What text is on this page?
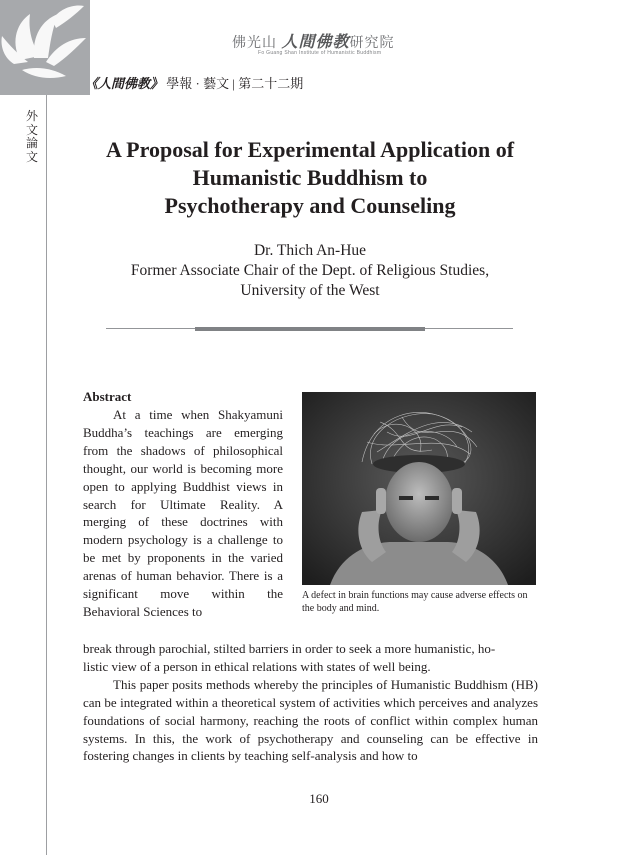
外
文
論
文
佛光山 人間佛教研究院
Fo Guang Shan Institute of Humanistic Buddhism
《人間佛教》 學報 · 藝文 | 第二十二期
A Proposal for Experimental Application of
Humanistic Buddhism to
Psychotherapy and Counseling
Dr. Thich An-Hue
Former Associate Chair of the Dept. of Religious Studies,
University of the West
Abstract

At a time when Shakyamuni Buddha’s teachings are emerging from the shadows of philosophical thought, our world is becoming more open to applying Buddhist views in search for Ultimate Reality. A merging of these doctrines with modern psychology is a challenge to be met by proponents in the varied arenas of human behavior. There is a significant move within the Behavioral Sciences to

A defect in brain functions may cause adverse effects on the body and mind.
break through parochial, stilted barriers in order to seek a more humanistic, ho-
listic view of a person in ethical relations with states of well being.

This paper posits methods whereby the principles of Humanistic Buddhism (HB) can be integrated within a theoretical system of activities which perceives and analyzes foundations of social harmony, reaching the roots of conflict within complex human systems. In this, the work of psychotherapy and counseling can be effective in fostering changes in clients by teaching self-analysis and how to

160
